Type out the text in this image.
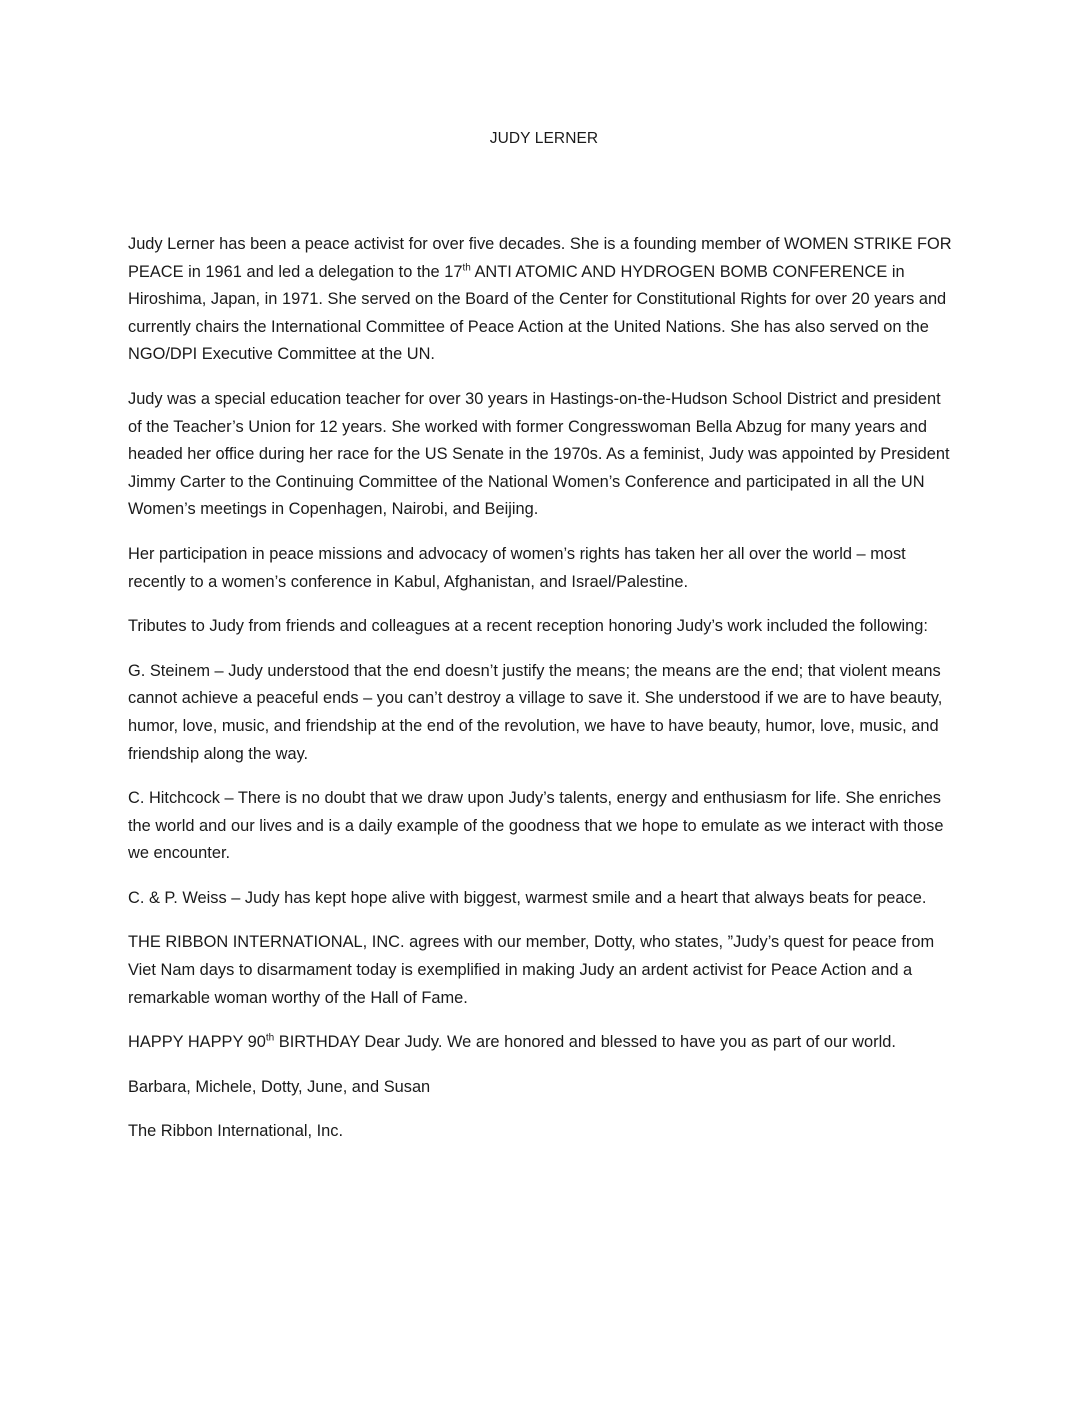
JUDY LERNER

Judy Lerner has been a peace activist for over five decades. She is a founding member of WOMEN STRIKE FOR PEACE in 1961 and led a delegation to the 17th ANTI ATOMIC AND HYDROGEN BOMB CONFERENCE in Hiroshima, Japan, in 1971. She served on the Board of the Center for Constitutional Rights for over 20 years and currently chairs the International Committee of Peace Action at the United Nations. She has also served on the NGO/DPI Executive Committee at the UN.

Judy was a special education teacher for over 30 years in Hastings-on-the-Hudson School District and president of the Teacher’s Union for 12 years. She worked with former Congresswoman Bella Abzug for many years and headed her office during her race for the US Senate in the 1970s. As a feminist, Judy was appointed by President Jimmy Carter to the Continuing Committee of the National Women’s Conference and participated in all the UN Women’s meetings in Copenhagen, Nairobi, and Beijing.

Her participation in peace missions and advocacy of women’s rights has taken her all over the world – most recently to a women’s conference in Kabul, Afghanistan, and Israel/Palestine.

Tributes to Judy from friends and colleagues at a recent reception honoring Judy’s work included the following:

G. Steinem – Judy understood that the end doesn’t justify the means; the means are the end; that violent means cannot achieve a peaceful ends – you can’t destroy a village to save it. She understood if we are to have beauty, humor, love, music, and friendship at the end of the revolution, we have to have beauty, humor, love, music, and friendship along the way.

C. Hitchcock – There is no doubt that we draw upon Judy’s talents, energy and enthusiasm for life. She enriches the world and our lives and is a daily example of the goodness that we hope to emulate as we interact with those we encounter.

C. & P. Weiss – Judy has kept hope alive with biggest, warmest smile and a heart that always beats for peace.

THE RIBBON INTERNATIONAL, INC. agrees with our member, Dotty, who states, ”Judy’s quest for peace from Viet Nam days to disarmament today is exemplified in making Judy an ardent activist for Peace Action and a remarkable woman worthy of the Hall of Fame.

HAPPY HAPPY 90th BIRTHDAY Dear Judy. We are honored and blessed to have you as part of our world.

Barbara, Michele, Dotty, June, and Susan

The Ribbon International, Inc.
